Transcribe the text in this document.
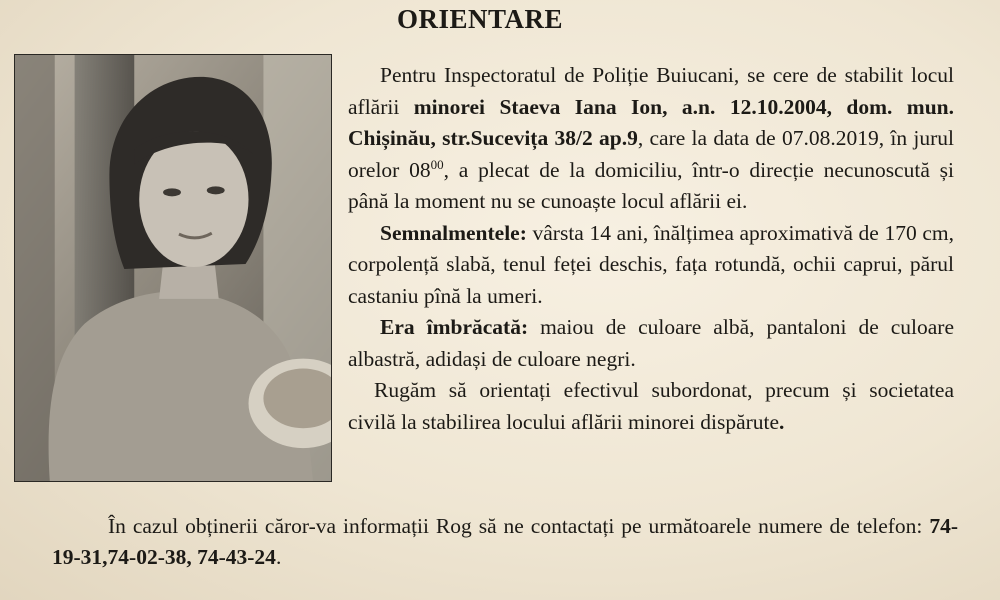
ORIENTARE

Pentru Inspectoratul de Poliție Buiucani, se cere de stabilit locul aflării minorei Staeva Iana Ion, a.n. 12.10.2004, dom. mun. Chișinău, str.Sucevița 38/2 ap.9, care la data de 07.08.2019, în jurul orelor $08^{00}$, a plecat de la domiciliu, într-o direcție necunoscută și până la moment nu se cunoaște locul aflării ei.

Semnalmentele: vârsta 14 ani, înălțimea aproximativă de 170 cm, corpolență slabă, tenul feței deschis, fața rotundă, ochii caprui, părul castaniu pînă la umeri.

Era îmbrăcată: maiou de culoare albă, pantaloni de culoare albastră, adidași de culoare negri.

Rugăm să orientați efectivul subordonat, precum și societatea civilă la stabilirea locului aflării minorei dispărute.

În cazul obținerii căror-va informații Rog să ne contactați pe următoarele numere de telefon: 74-19-31,74-02-38, 74-43-24.
